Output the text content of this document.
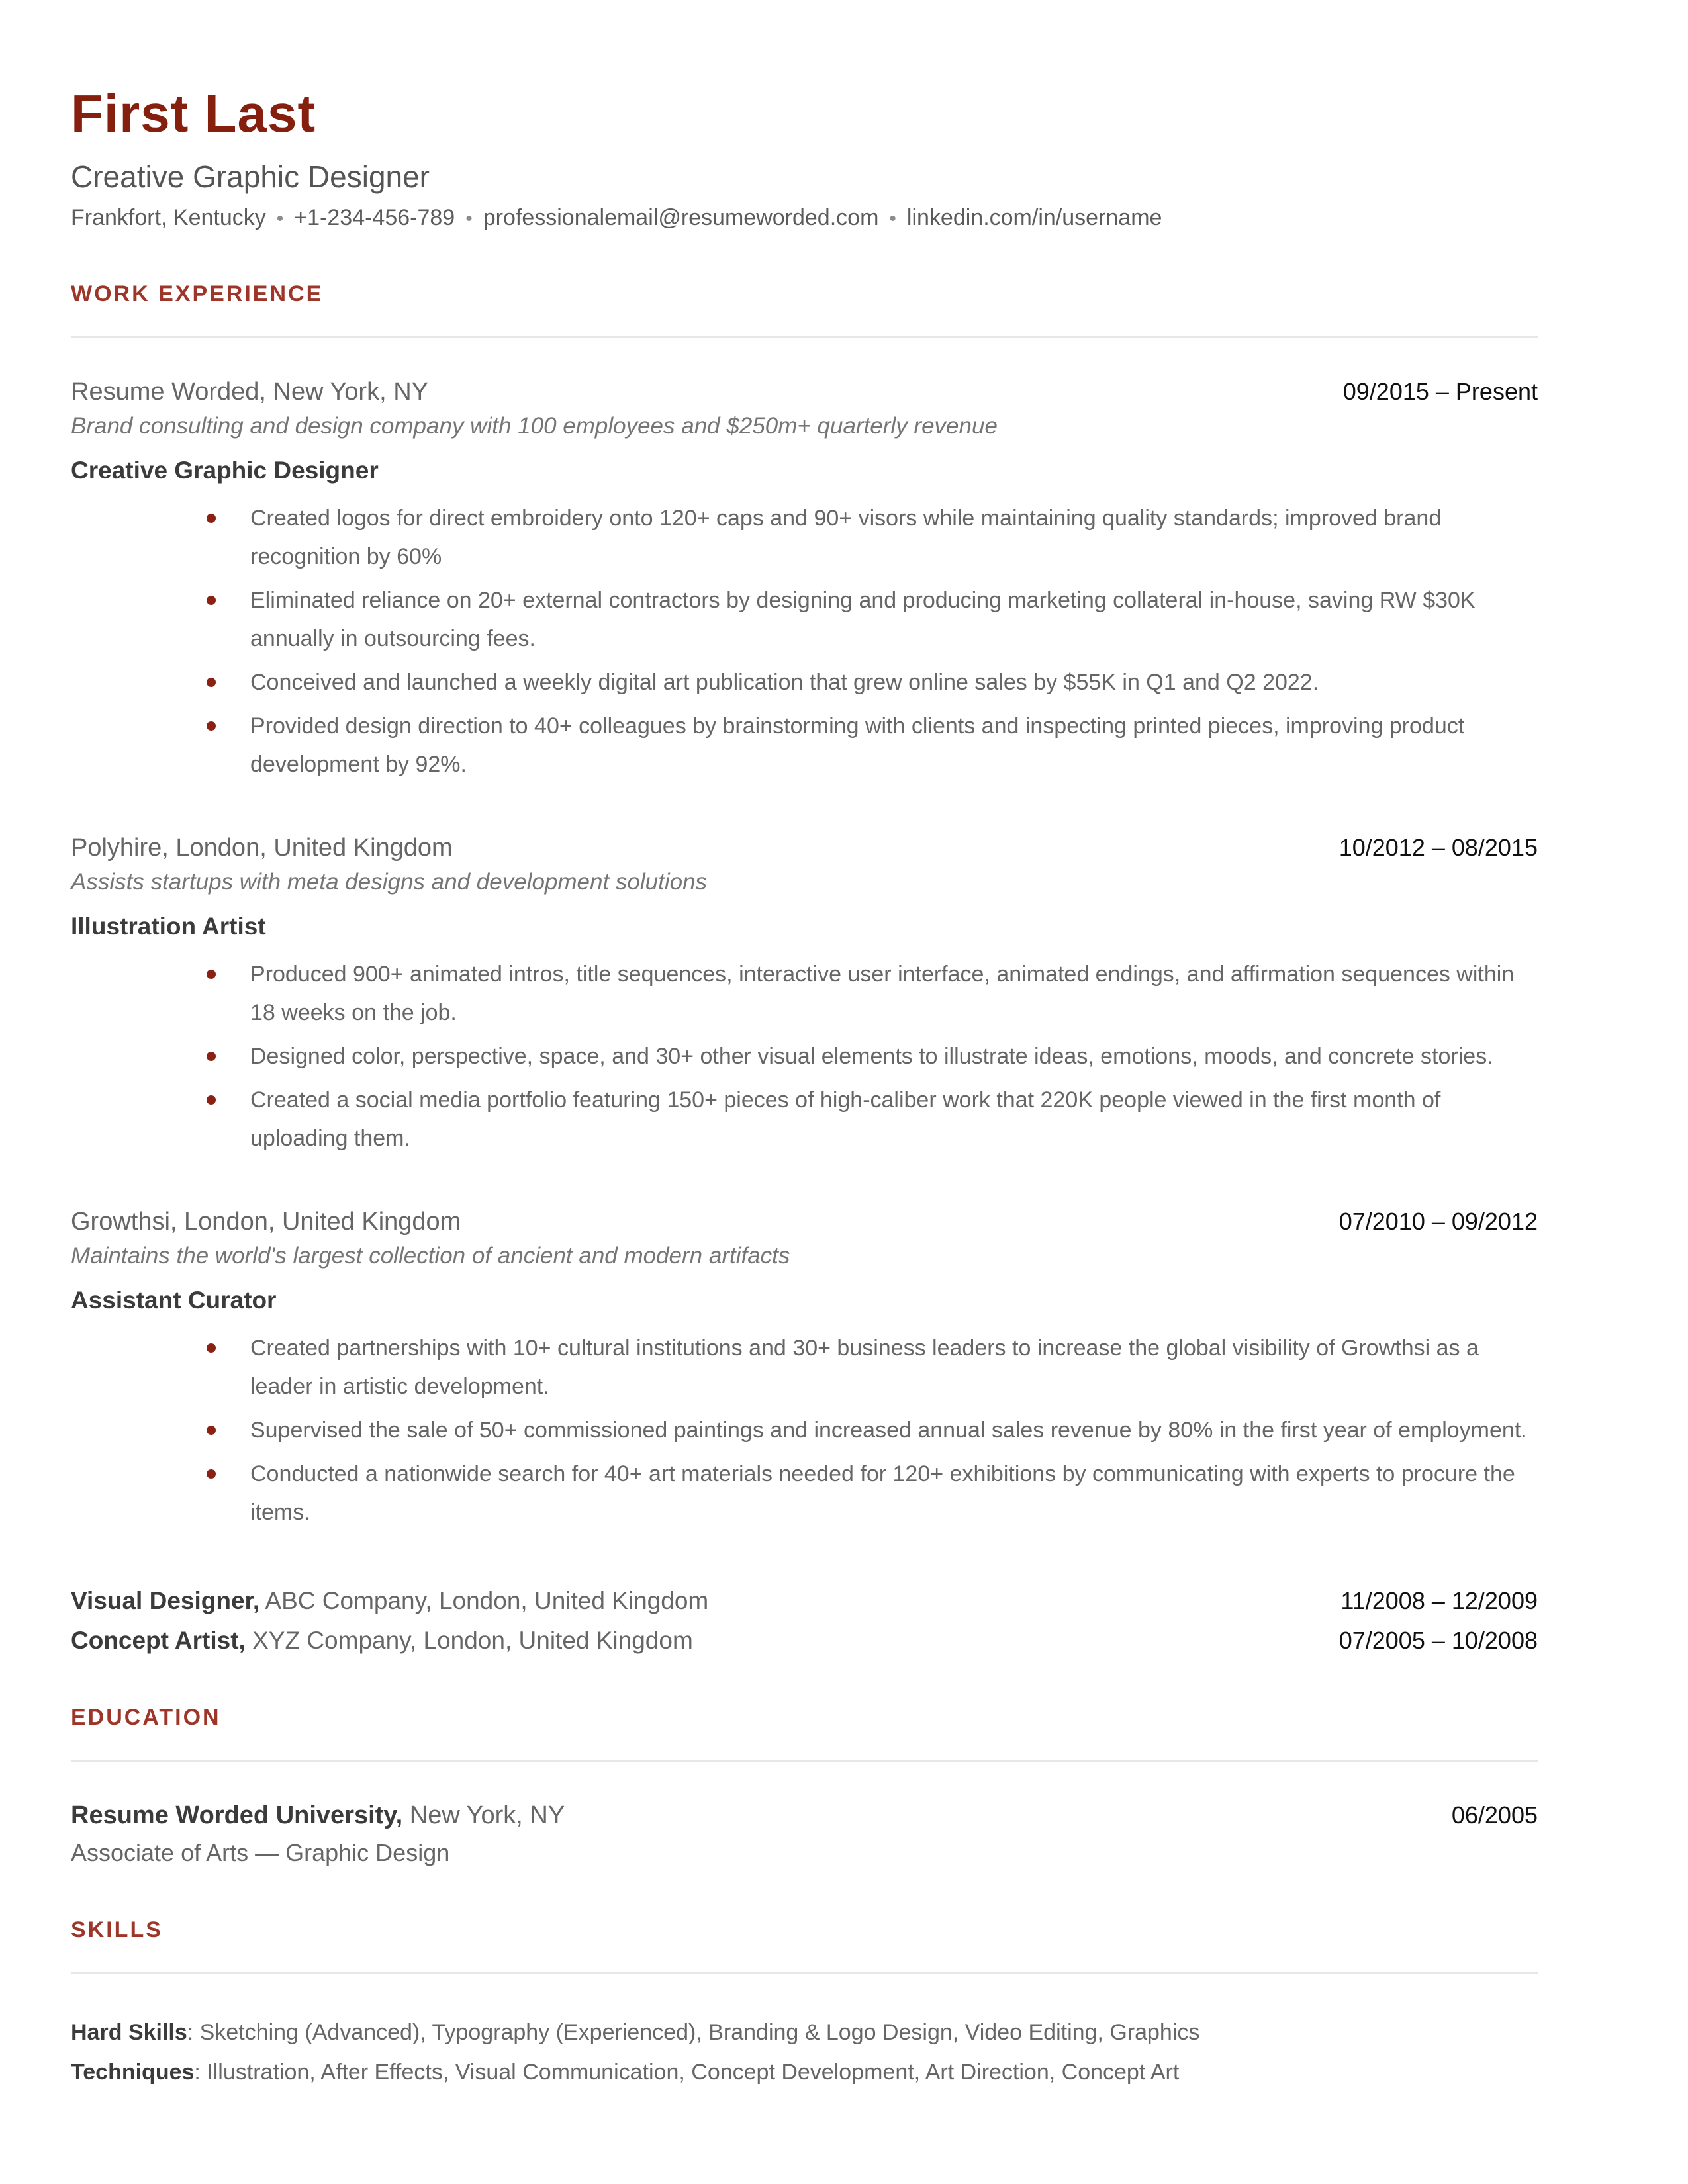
First Last
Creative Graphic Designer
Frankfort, Kentucky • +1-234-456-789 • professionalemail@resumeworded.com • linkedin.com/in/username
WORK EXPERIENCE
Resume Worded, New York, NY	09/2015 – Present
Brand consulting and design company with 100 employees and $250m+ quarterly revenue
Creative Graphic Designer
Created logos for direct embroidery onto 120+ caps and 90+ visors while maintaining quality standards; improved brand recognition by 60%
Eliminated reliance on 20+ external contractors by designing and producing marketing collateral in-house, saving RW $30K annually in outsourcing fees.
Conceived and launched a weekly digital art publication that grew online sales by $55K in Q1 and Q2 2022.
Provided design direction to 40+ colleagues by brainstorming with clients and inspecting printed pieces, improving product development by 92%.
Polyhire, London, United Kingdom	10/2012 – 08/2015
Assists startups with meta designs and development solutions
Illustration Artist
Produced 900+ animated intros, title sequences, interactive user interface, animated endings, and affirmation sequences within 18 weeks on the job.
Designed color, perspective, space, and 30+ other visual elements to illustrate ideas, emotions, moods, and concrete stories.
Created a social media portfolio featuring 150+ pieces of high-caliber work that 220K people viewed in the first month of uploading them.
Growthsi, London, United Kingdom	07/2010 – 09/2012
Maintains the world's largest collection of ancient and modern artifacts
Assistant Curator
Created partnerships with 10+ cultural institutions and 30+ business leaders to increase the global visibility of Growthsi as a leader in artistic development.
Supervised the sale of 50+ commissioned paintings and increased annual sales revenue by 80% in the first year of employment.
Conducted a nationwide search for 40+ art materials needed for 120+ exhibitions by communicating with experts to procure the items.
Visual Designer, ABC Company, London, United Kingdom	11/2008 – 12/2009
Concept Artist, XYZ Company, London, United Kingdom	07/2005 – 10/2008
EDUCATION
Resume Worded University, New York, NY	06/2005
Associate of Arts — Graphic Design
SKILLS
Hard Skills: Sketching (Advanced), Typography (Experienced), Branding & Logo Design, Video Editing, Graphics
Techniques: Illustration, After Effects, Visual Communication, Concept Development, Art Direction, Concept Art
